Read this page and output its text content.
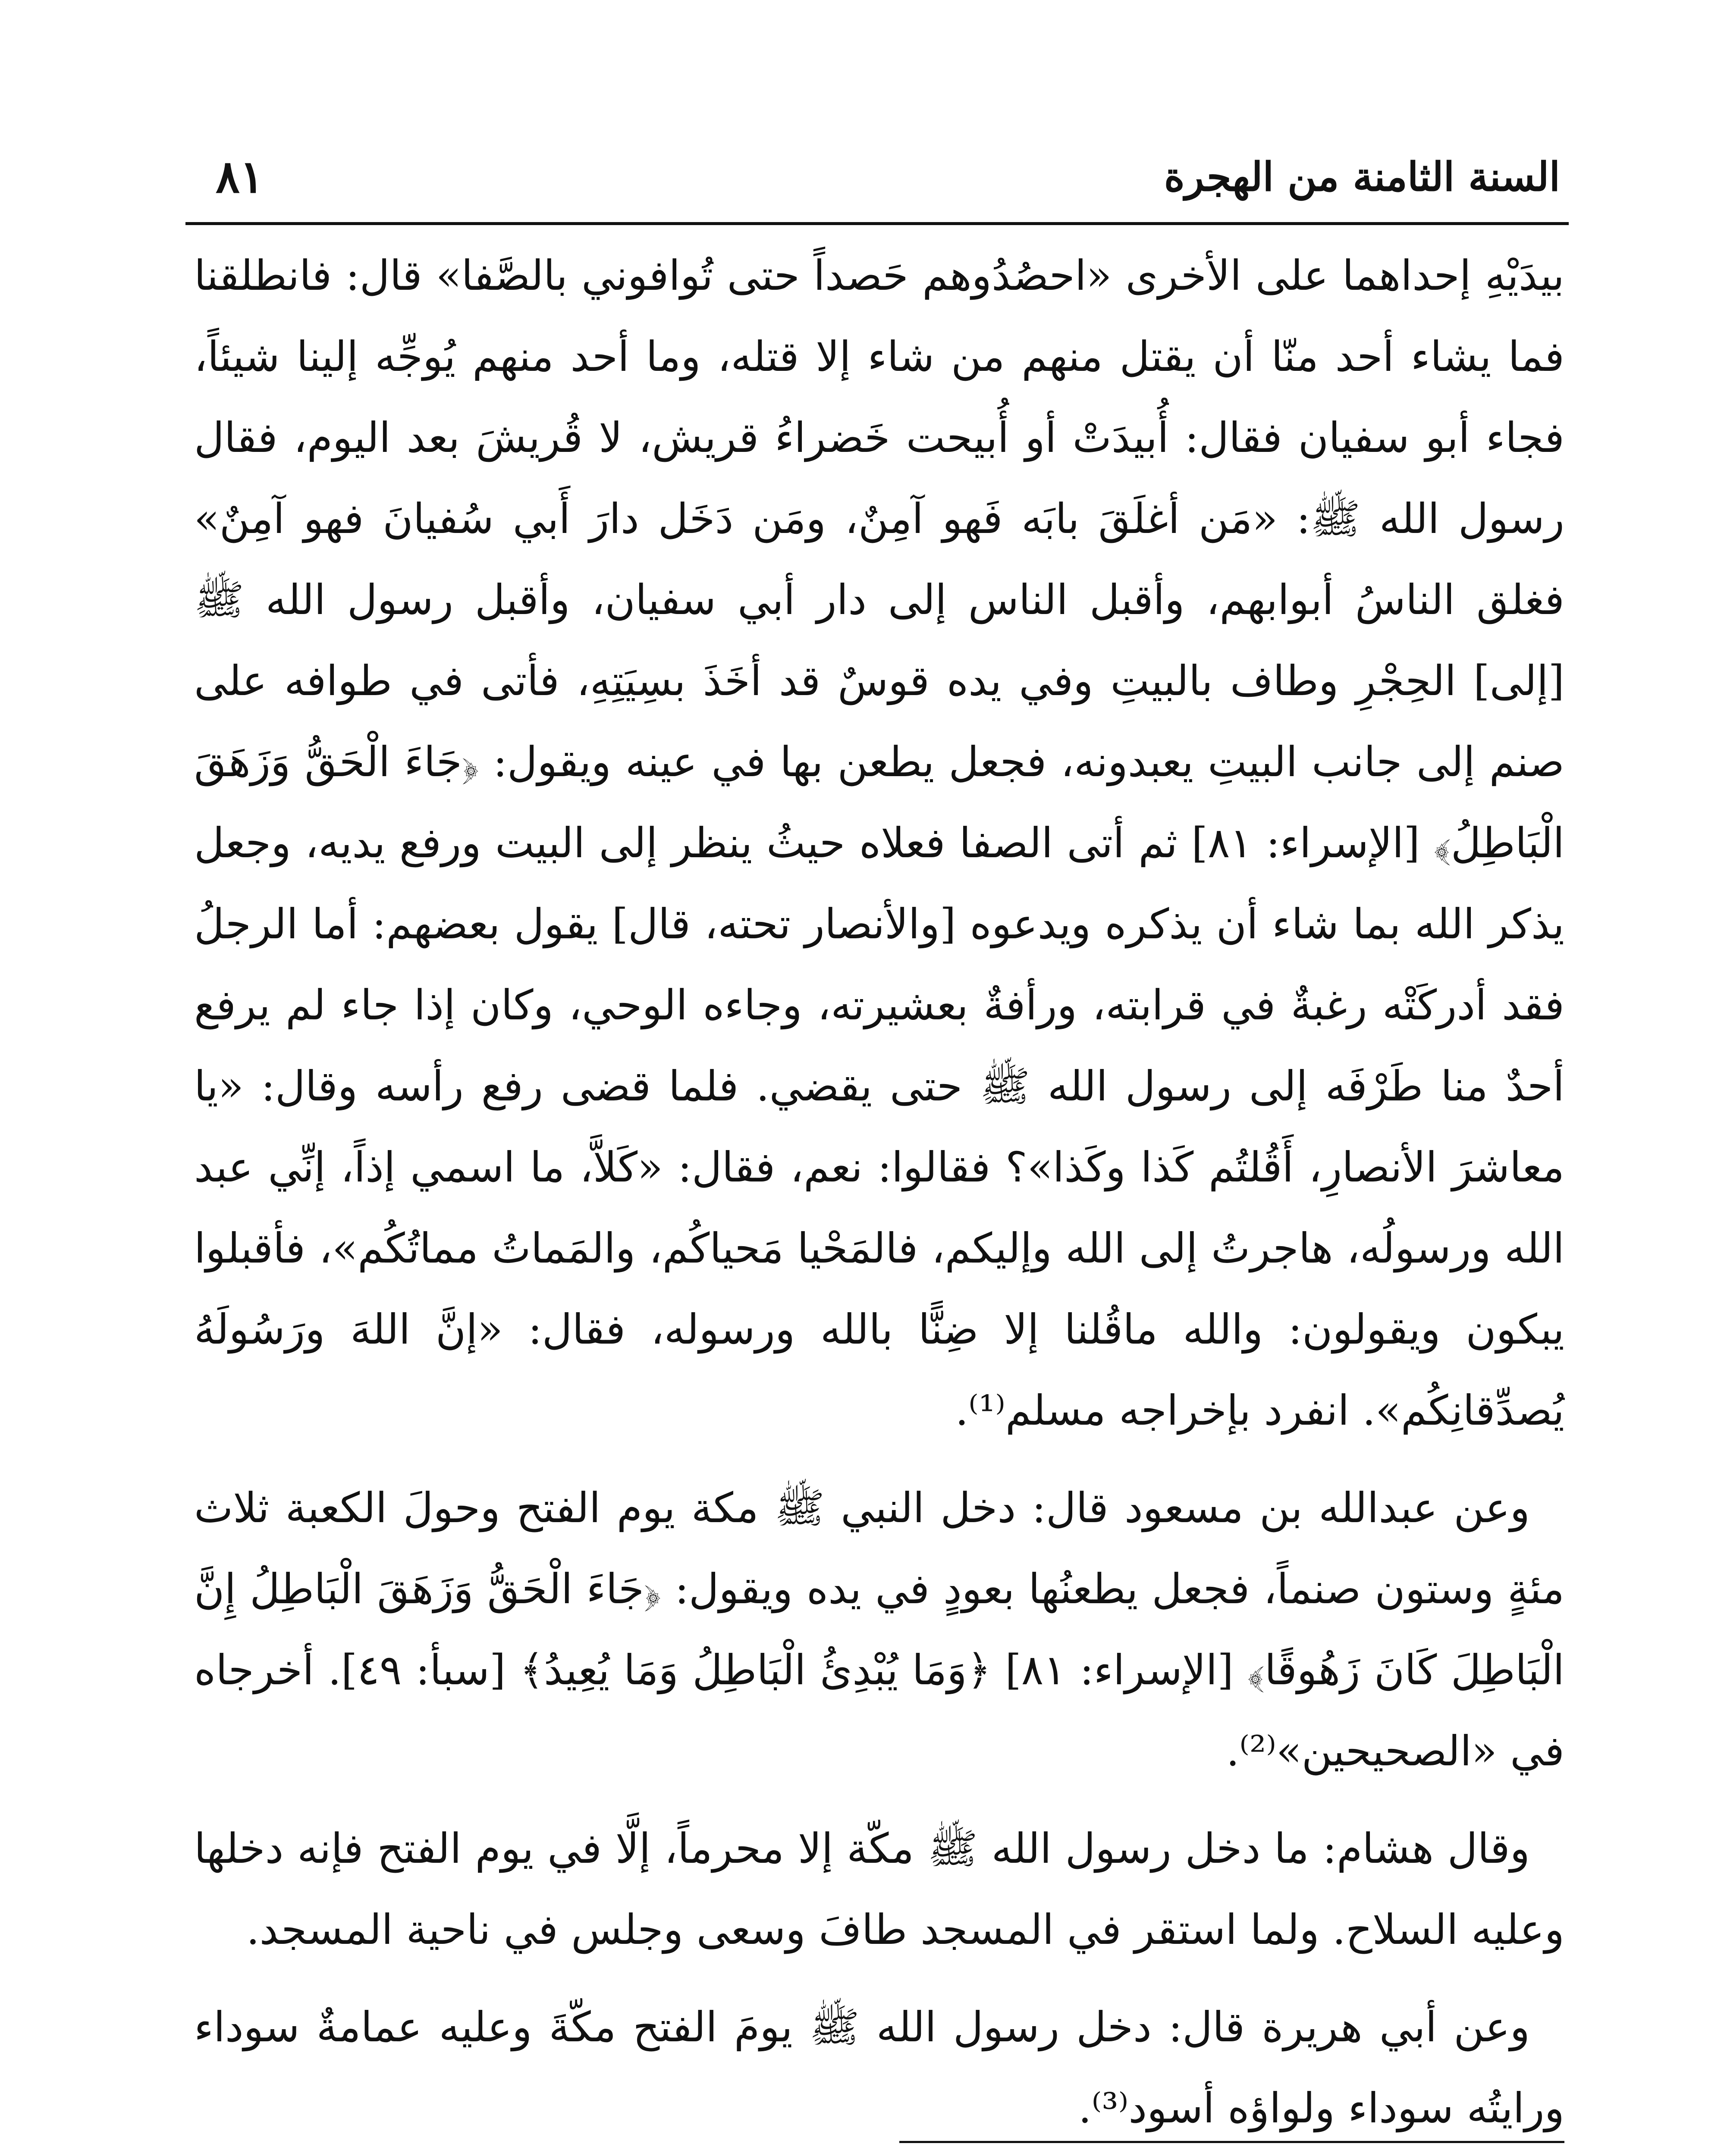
السنة الثامنة من الهجرة
٨١

بيدَيْهِ إحداهما على الأخرى «احصُدُوهم حَصداً حتى تُوافوني بالصَّفا» قال: فانطلقنا فما يشاء أحد منّا أن يقتل منهم من شاء إلا قتله، وما أحد منهم يُوجِّه إلينا شيئاً، فجاء أبو سفيان فقال: أُبيدَتْ أو أُبيحت خَضراءُ قريش، لا قُريشَ بعد اليوم، فقال رسول الله ﷺ: «مَن أغلَقَ بابَه فَهو آمِنٌ، ومَن دَخَل دارَ أَبي سُفيانَ فهو آمِنٌ» فغلق الناسُ أبوابهم، وأقبل الناس إلى دار أبي سفيان، وأقبل رسول الله ﷺ [إلى] الحِجْرِ وطاف بالبيتِ وفي يده قوسٌ قد أخَذَ بسِيَتِهِ، فأتى في طوافه على صنم إلى جانب البيتِ يعبدونه، فجعل يطعن بها في عينه ويقول: ﴿جَاءَ الْحَقُّ وَزَهَقَ الْبَاطِلُ﴾ [الإسراء: ٨١] ثم أتى الصفا فعلاه حيثُ ينظر إلى البيت ورفع يديه، وجعل يذكر الله بما شاء أن يذكره ويدعوه [والأنصار تحته، قال] يقول بعضهم: أما الرجلُ فقد أدركَتْه رغبةٌ في قرابته، ورأفةٌ بعشيرته، وجاءه الوحي، وكان إذا جاء لم يرفع أحدٌ منا طَرْفَه إلى رسول الله ﷺ حتى يقضي. فلما قضى رفع رأسه وقال: «يا معاشرَ الأنصارِ، أَقُلتُم كَذا وكَذا»؟ فقالوا: نعم، فقال: «كَلاَّ، ما اسمي إذاً، إنِّي عبد الله ورسولُه، هاجرتُ إلى الله وإليكم، فالمَحْيا مَحياكُم، والمَماتُ مماتُكُم»، فأقبلوا يبكون ويقولون: والله ماقُلنا إلا ضِنًّا بالله ورسوله، فقال: «إنَّ اللهَ ورَسُولَهُ يُصدِّقانِكُم». انفرد بإخراجه مسلم⁽¹⁾.

وعن عبدالله بن مسعود قال: دخل النبي ﷺ مكة يوم الفتح وحولَ الكعبة ثلاث مئةٍ وستون صنماً، فجعل يطعنُها بعودٍ في يده ويقول: ﴿جَاءَ الْحَقُّ وَزَهَقَ الْبَاطِلُ إِنَّ الْبَاطِلَ كَانَ زَهُوقًا﴾ [الإسراء: ٨١] ﴿وَمَا يُبْدِئُ الْبَاطِلُ وَمَا يُعِيدُ﴾ [سبأ: ٤٩]. أخرجاه في «الصحيحين»⁽²⁾.

وقال هشام: ما دخل رسول الله ﷺ مكّة إلا محرماً، إلَّا في يوم الفتح فإنه دخلها وعليه السلاح. ولما استقر في المسجد طافَ وسعى وجلس في ناحية المسجد.

وعن أبي هريرة قال: دخل رسول الله ﷺ يومَ الفتح مكّةَ وعليه عمامةٌ سوداء ورايتُه سوداء ولواؤه أسود⁽³⁾.
